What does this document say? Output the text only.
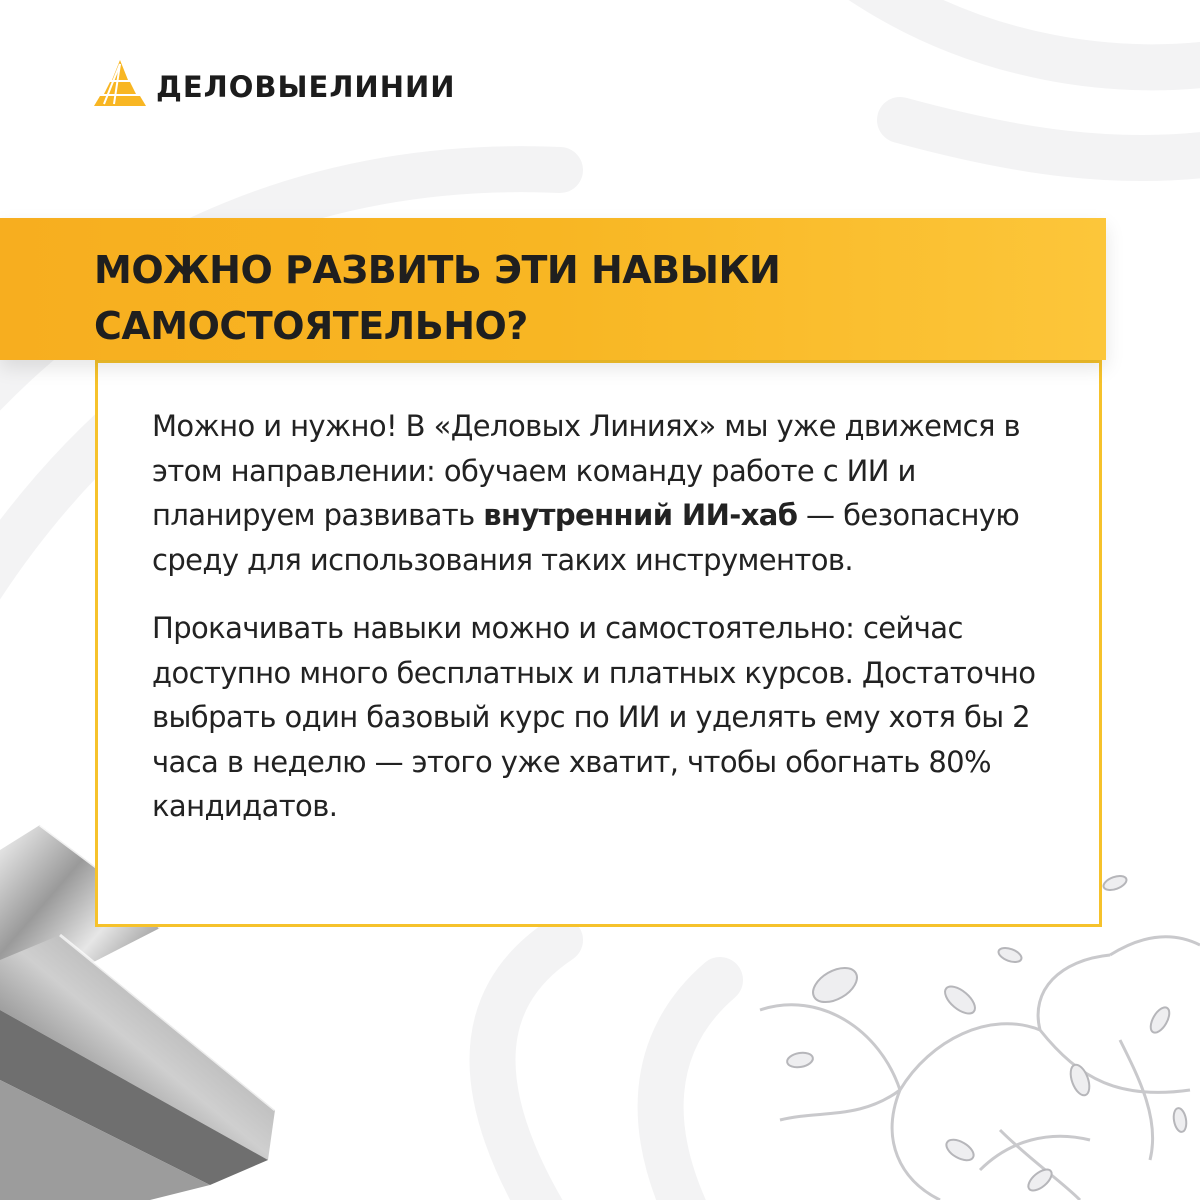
ДЕЛОВЫЕЛИНИИ
МОЖНО РАЗВИТЬ ЭТИ НАВЫКИ
САМОСТОЯТЕЛЬНО?

Можно и нужно! В «Деловых Линиях» мы уже движемся в этом направлении: обучаем команду работе с ИИ и планируем развивать внутренний ИИ-хаб — безопасную среду для использования таких инструментов.

Прокачивать навыки можно и самостоятельно: сейчас доступно много бесплатных и платных курсов. Достаточно выбрать один базовый курс по ИИ и уделять ему хотя бы 2 часа в неделю — этого уже хватит, чтобы обогнать 80% кандидатов.
